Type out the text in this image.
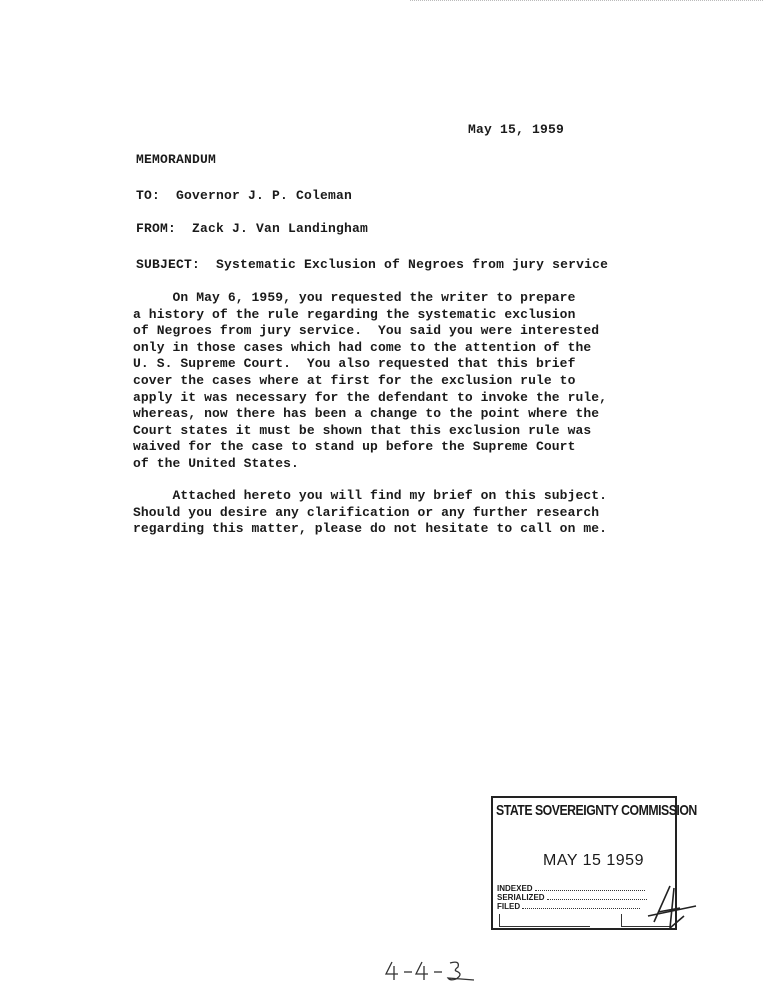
May 15, 1959
MEMORANDUM
TO: Governor J. P. Coleman
FROM: Zack J. Van Landingham
SUBJECT: Systematic Exclusion of Negroes from jury service
On May 6, 1959, you requested the writer to prepare
a history of the rule regarding the systematic exclusion
of Negroes from jury service.  You said you were interested
only in those cases which had come to the attention of the
U. S. Supreme Court.  You also requested that this brief
cover the cases where at first for the exclusion rule to
apply it was necessary for the defendant to invoke the rule,
whereas, now there has been a change to the point where the
Court states it must be shown that this exclusion rule was
waived for the case to stand up before the Supreme Court
of the United States.
Attached hereto you will find my brief on this subject.
Should you desire any clarification or any further research
regarding this matter, please do not hesitate to call on me.
STATE SOVEREIGNTY COMMISSION
MAY 15 1959
INDEXED
SERIALIZED
FILED
